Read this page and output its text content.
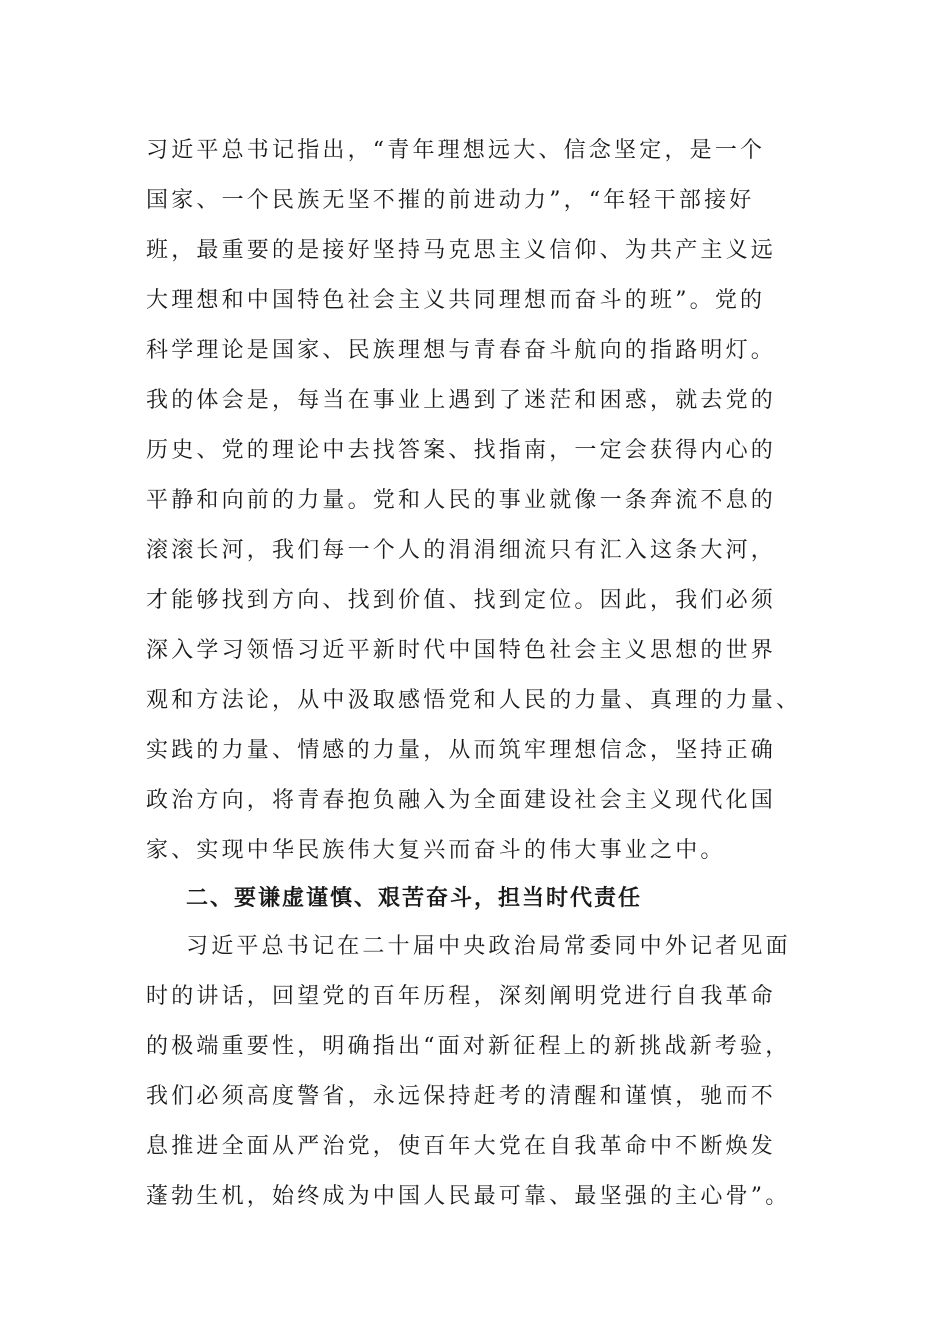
习近平总书记指出，“青年理想远大、信念坚定，是一个
国家、一个民族无坚不摧的前进动力”，“年轻干部接好
班，最重要的是接好坚持马克思主义信仰、为共产主义远
大理想和中国特色社会主义共同理想而奋斗的班”。党的
科学理论是国家、民族理想与青春奋斗航向的指路明灯。
我的体会是，每当在事业上遇到了迷茫和困惑，就去党的
历史、党的理论中去找答案、找指南，一定会获得内心的
平静和向前的力量。党和人民的事业就像一条奔流不息的
滚滚长河，我们每一个人的涓涓细流只有汇入这条大河，
才能够找到方向、找到价值、找到定位。因此，我们必须
深入学习领悟习近平新时代中国特色社会主义思想的世界
观和方法论，从中汲取感悟党和人民的力量、真理的力量、
实践的力量、情感的力量，从而筑牢理想信念，坚持正确
政治方向，将青春抱负融入为全面建设社会主义现代化国
家、实现中华民族伟大复兴而奋斗的伟大事业之中。
二、要谦虚谨慎、艰苦奋斗，担当时代责任
习近平总书记在二十届中央政治局常委同中外记者见面
时的讲话，回望党的百年历程，深刻阐明党进行自我革命
的极端重要性，明确指出“面对新征程上的新挑战新考验，
我们必须高度警省，永远保持赶考的清醒和谨慎，驰而不
息推进全面从严治党，使百年大党在自我革命中不断焕发
蓬勃生机，始终成为中国人民最可靠、最坚强的主心骨”。
